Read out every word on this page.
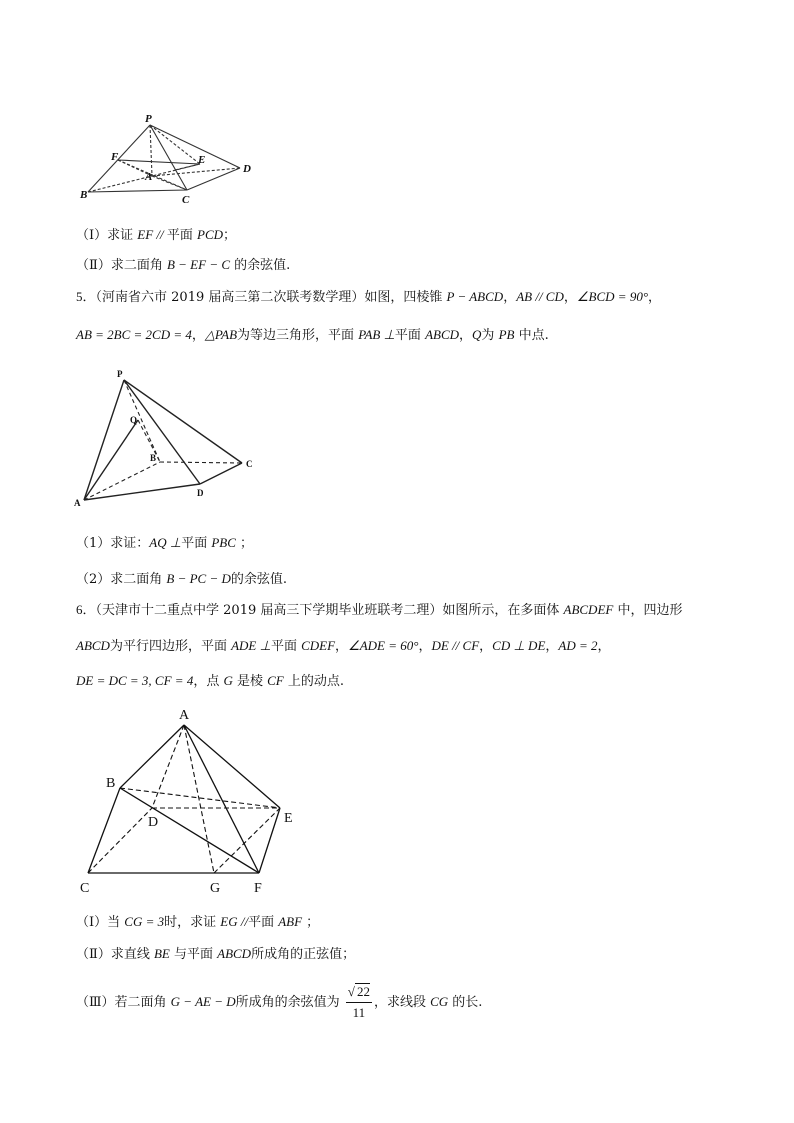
P
F	E
D
A
B	C
（Ⅰ）求证 EF // 平面 PCD；
（Ⅱ）求二面角 B − EF − C 的余弦值.
5．（河南省六市 2019 届高三第二次联考数学理）如图，四棱锥 P − ABCD，AB // CD，∠BCD = 90°，
AB = 2BC = 2CD = 4，△PAB为等边三角形，平面 PAB ⊥平面 ABCD，Q为 PB 中点.
P
Q
B
C
D
A
（1）求证：AQ ⊥平面 PBC ；
（2）求二面角 B − PC − D的余弦值.
6．（天津市十二重点中学 2019 届高三下学期毕业班联考二理）如图所示，在多面体 ABCDEF 中，四边形
ABCD为平行四边形，平面 ADE ⊥平面 CDEF，∠ADE = 60°，DE // CF，CD ⊥ DE，AD = 2，
DE = DC = 3, CF = 4，点 G 是棱 CF 上的动点.
A
B
D	E
C	G F
（Ⅰ）当 CG = 3时，求证 EG //平面 ABF ；
（Ⅱ）求直线 BE 与平面 ABCD所成角的正弦值；
（Ⅲ）若二面角 G − AE − D所成角的余弦值为 $\frac{√ 22}{11}$ ，求线段 CG 的长.
